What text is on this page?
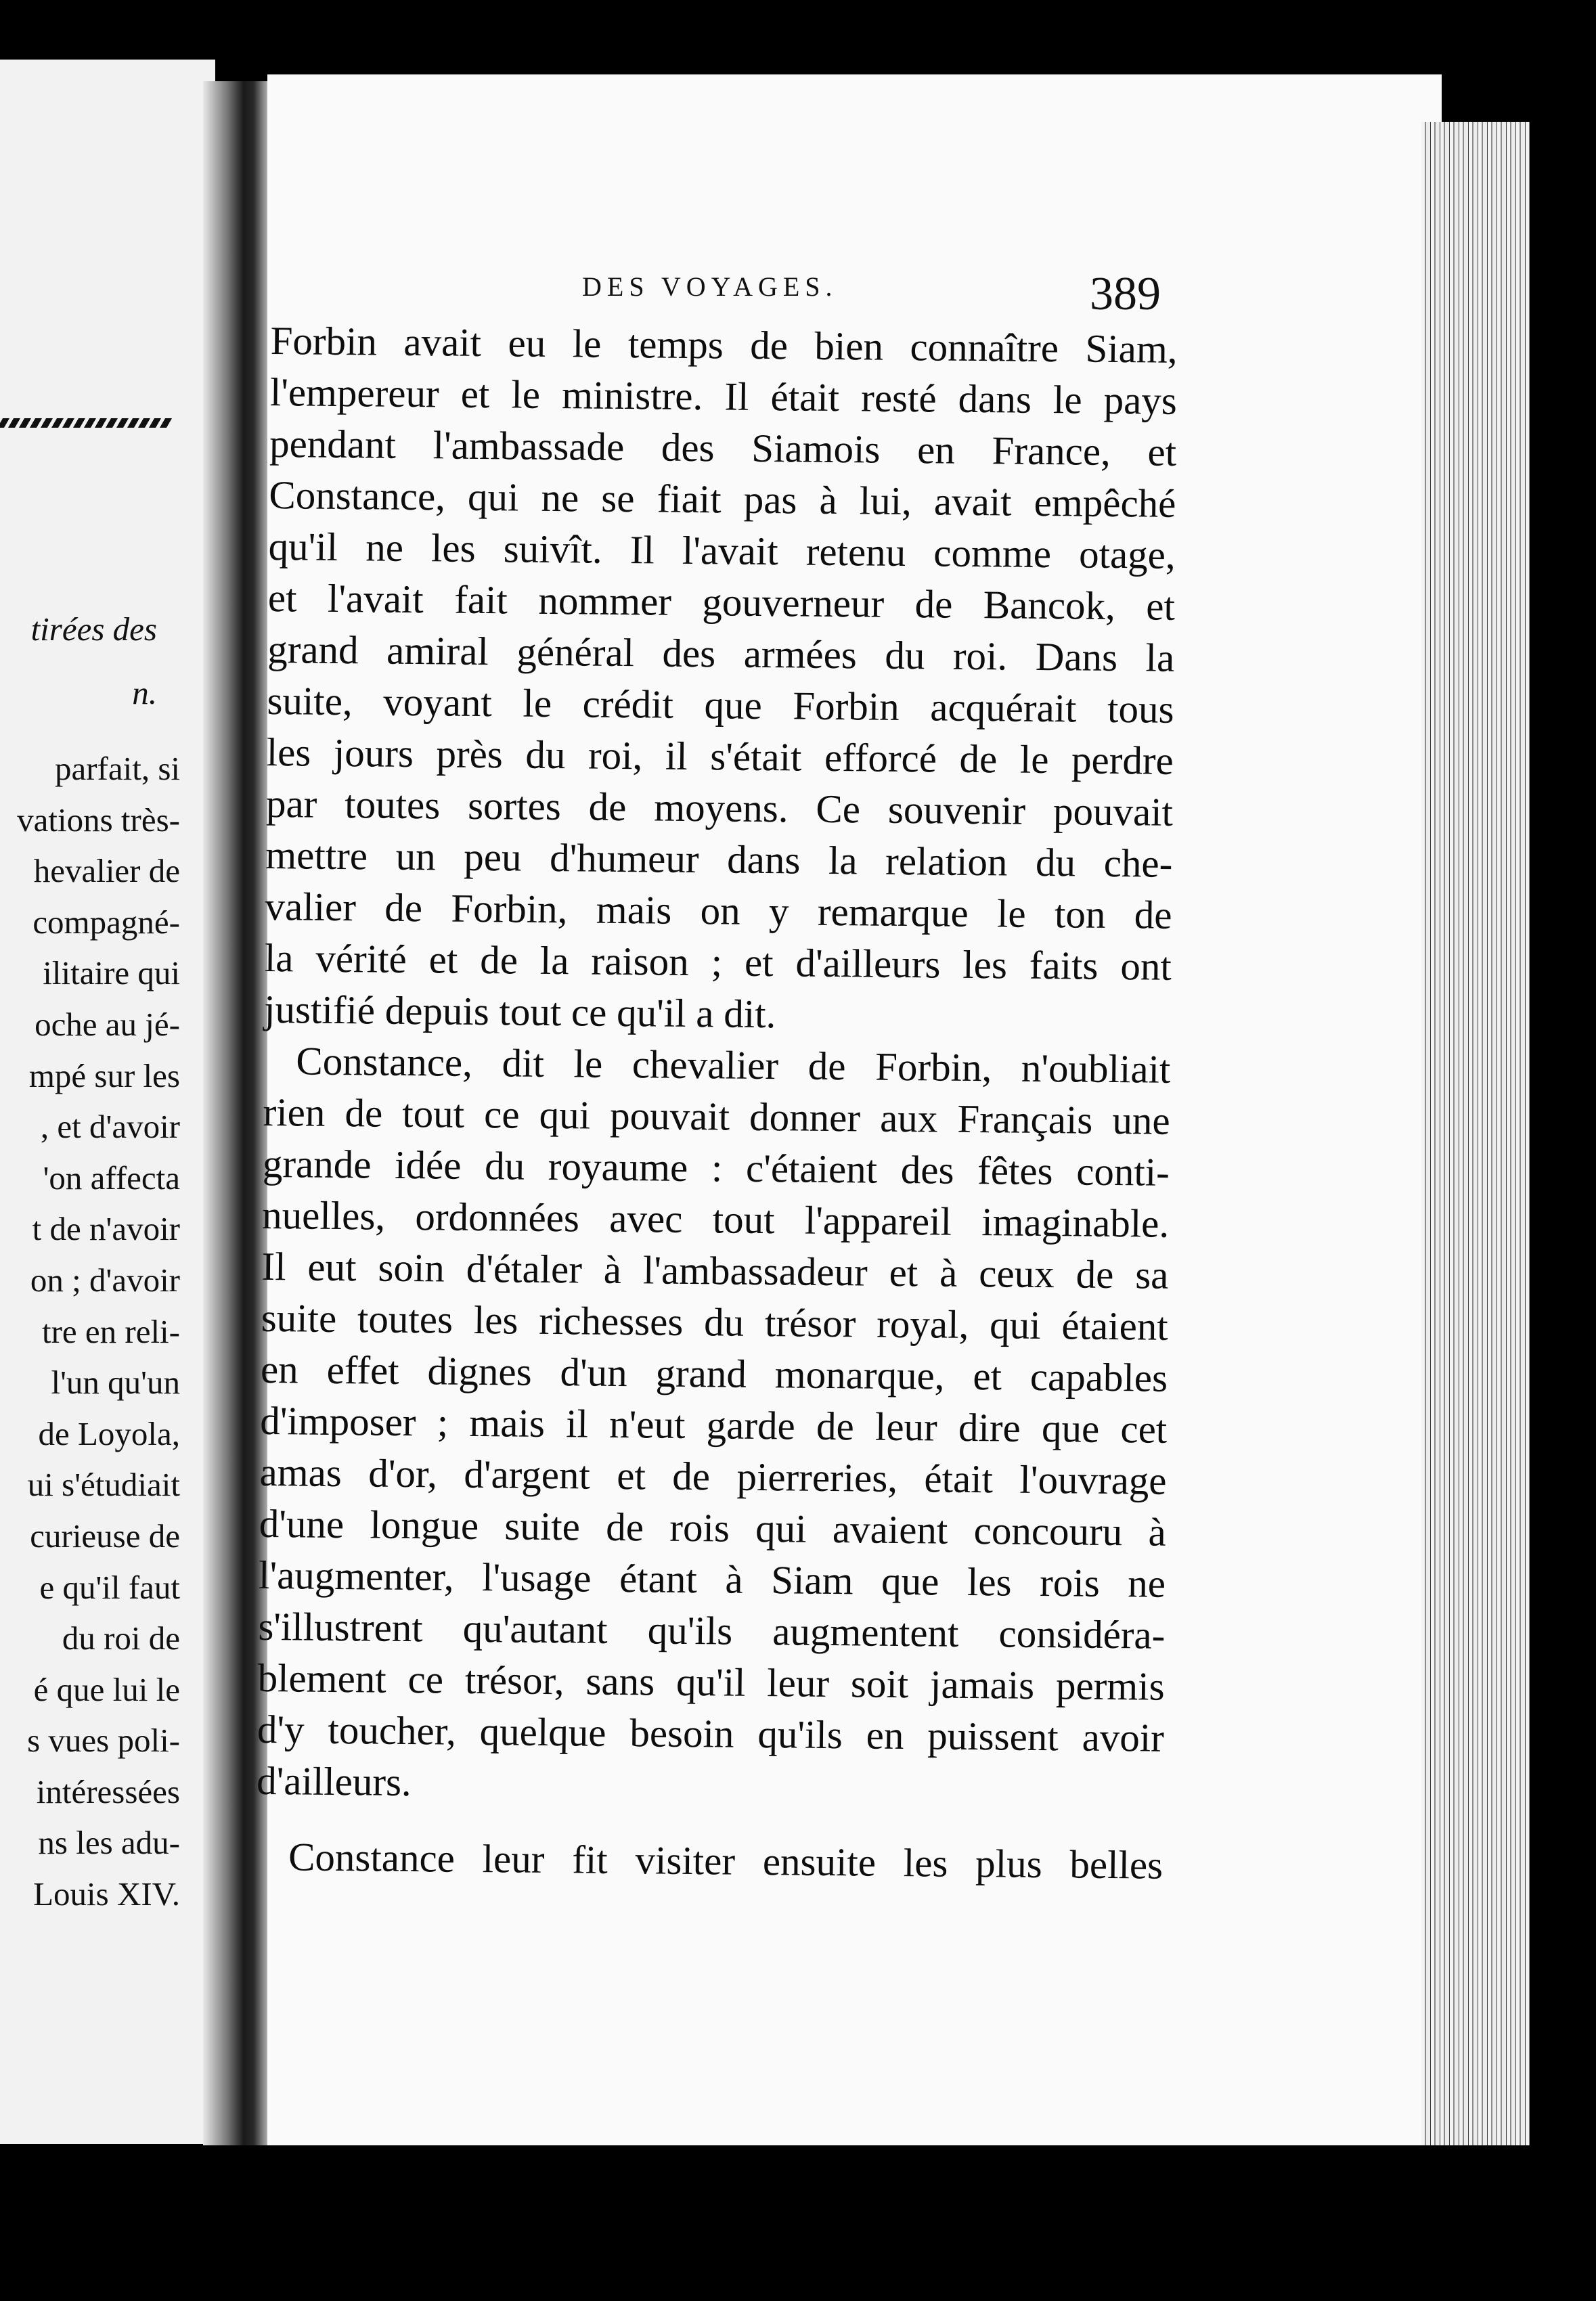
tirées des
n.
parfait, si
vations très-
hevalier de
compagné-
ilitaire qui
oche au jé-
mpé sur les
, et d'avoir
'on affecta
t de n'avoir
on ; d'avoir
tre en reli-
l'un qu'un
de Loyola,
ui s'étudiait
curieuse de
e qu'il faut
du roi de
é que lui le
s vues poli-
intéressées
ns les adu-
Louis XIV.
DES VOYAGES.	389
Forbin avait eu le temps de bien connaître Siam,
l'empereur et le ministre. Il était resté dans le pays
pendant l'ambassade des Siamois en France, et
Constance, qui ne se fiait pas à lui, avait empêché
qu'il ne les suivît. Il l'avait retenu comme otage,
et l'avait fait nommer gouverneur de Bancok, et
grand amiral général des armées du roi. Dans la
suite, voyant le crédit que Forbin acquérait tous
les jours près du roi, il s'était efforcé de le perdre
par toutes sortes de moyens. Ce souvenir pouvait
mettre un peu d'humeur dans la relation du che-
valier de Forbin, mais on y remarque le ton de
la vérité et de la raison ; et d'ailleurs les faits ont
justifié depuis tout ce qu'il a dit.
Constance, dit le chevalier de Forbin, n'oubliait
rien de tout ce qui pouvait donner aux Français une
grande idée du royaume : c'étaient des fêtes conti-
nuelles, ordonnées avec tout l'appareil imaginable.
Il eut soin d'étaler à l'ambassadeur et à ceux de sa
suite toutes les richesses du trésor royal, qui étaient
en effet dignes d'un grand monarque, et capables
d'imposer ; mais il n'eut garde de leur dire que cet
amas d'or, d'argent et de pierreries, était l'ouvrage
d'une longue suite de rois qui avaient concouru à
l'augmenter, l'usage étant à Siam que les rois ne
s'illustrent qu'autant qu'ils augmentent considéra-
blement ce trésor, sans qu'il leur soit jamais permis
d'y toucher, quelque besoin qu'ils en puissent avoir
d'ailleurs.
Constance leur fit visiter ensuite les plus belles
